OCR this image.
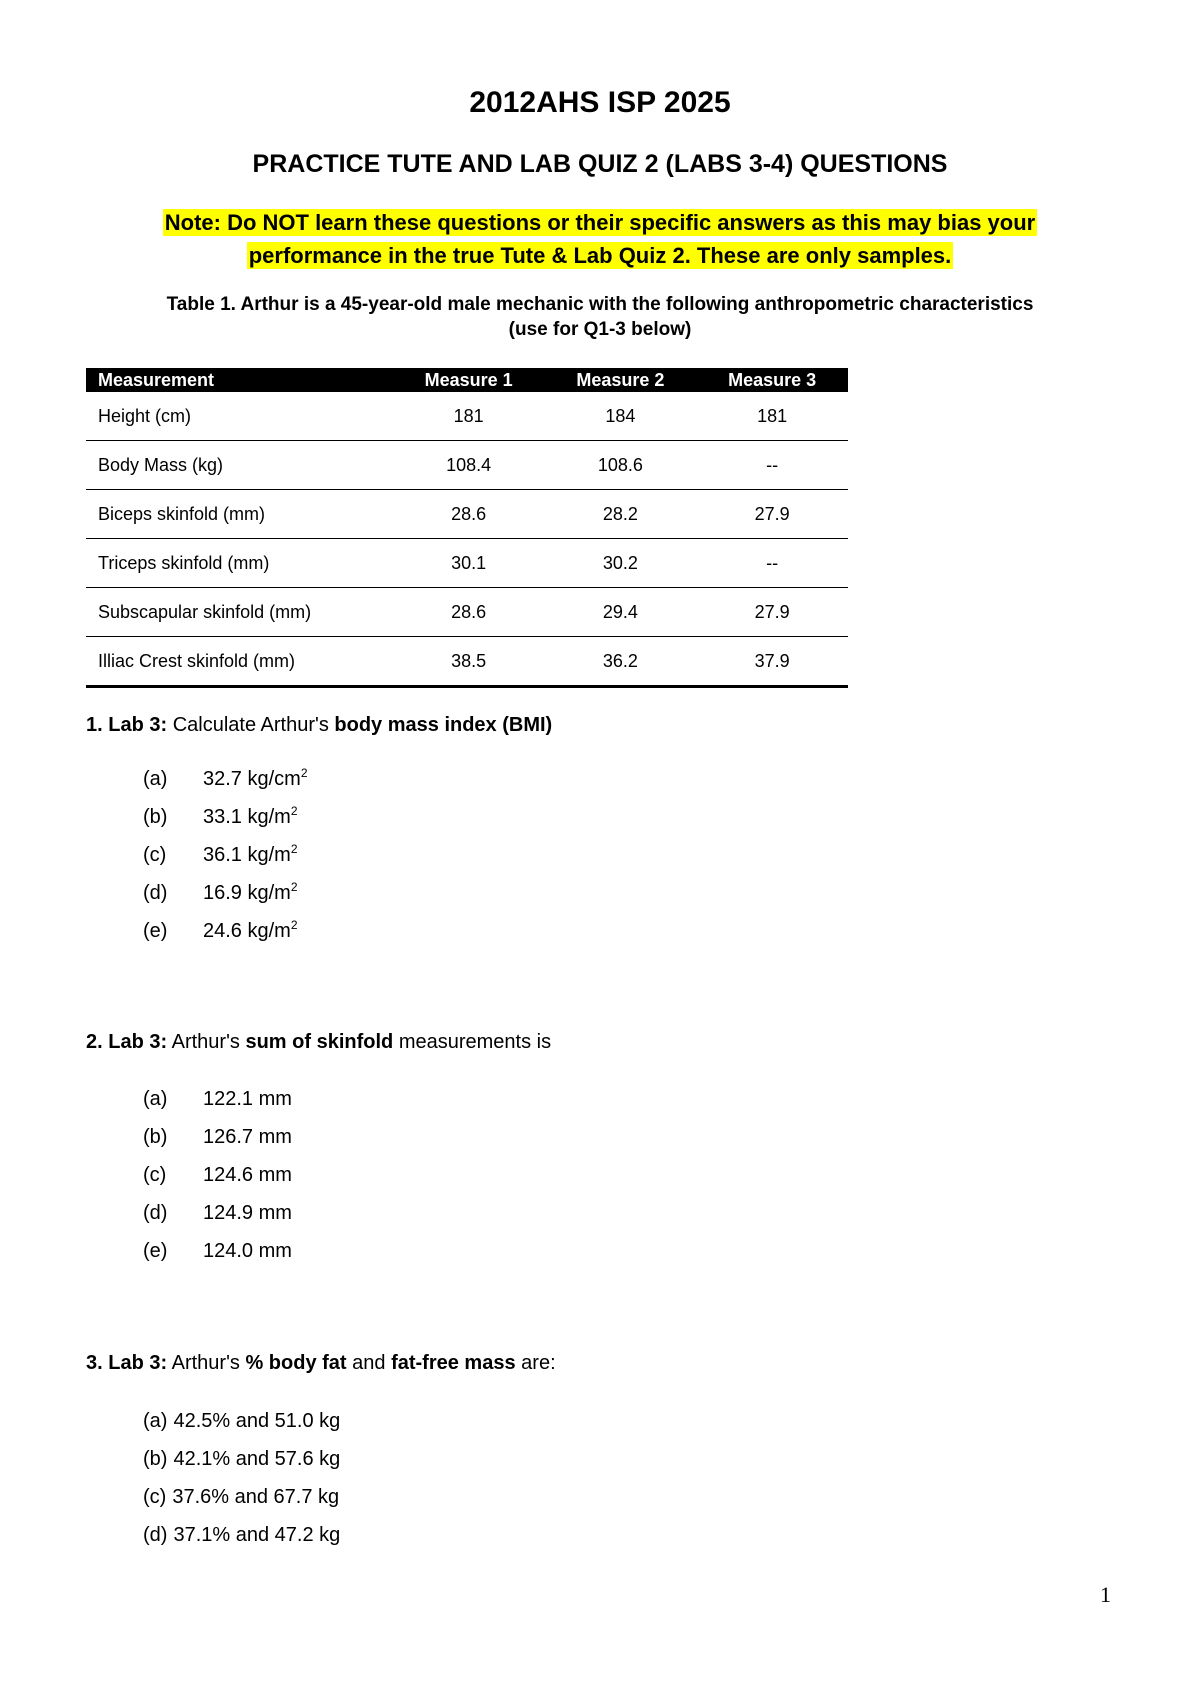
2012AHS ISP 2025
PRACTICE TUTE AND LAB QUIZ 2 (LABS 3-4) QUESTIONS
Note: Do NOT learn these questions or their specific answers as this may bias your
performance in the true Tute & Lab Quiz 2. These are only samples.
Table 1. Arthur is a 45-year-old male mechanic with the following anthropometric characteristics
(use for Q1-3 below)
Measurement	Measure 1	Measure 2	Measure 3
Height (cm)	181	184	181
Body Mass (kg)	108.4	108.6	--
Biceps skinfold (mm)	28.6	28.2	27.9
Triceps skinfold (mm)	30.1	30.2	--
Subscapular skinfold (mm)	28.6	29.4	27.9
Illiac Crest skinfold (mm)	38.5	36.2	37.9
1. Lab 3: Calculate Arthur's body mass index (BMI)
(a) 32.7 $kg/cm^2$
(b) 33.1 $kg/m^2$
(c) 36.1 $kg/m^2$
(d) 16.9 $kg/m^2$
(e) 24.6 $kg/m^2$
2. Lab 3: Arthur's sum of skinfold measurements is
(a) 122.1 mm
(b) 126.7 mm
(c) 124.6 mm
(d) 124.9 mm
(e) 124.0 mm
3. Lab 3: Arthur's % body fat and fat-free mass are:
(a) 42.5% and 51.0 kg
(b) 42.1% and 57.6 kg
(c) 37.6% and 67.7 kg
(d) 37.1% and 47.2 kg
1
